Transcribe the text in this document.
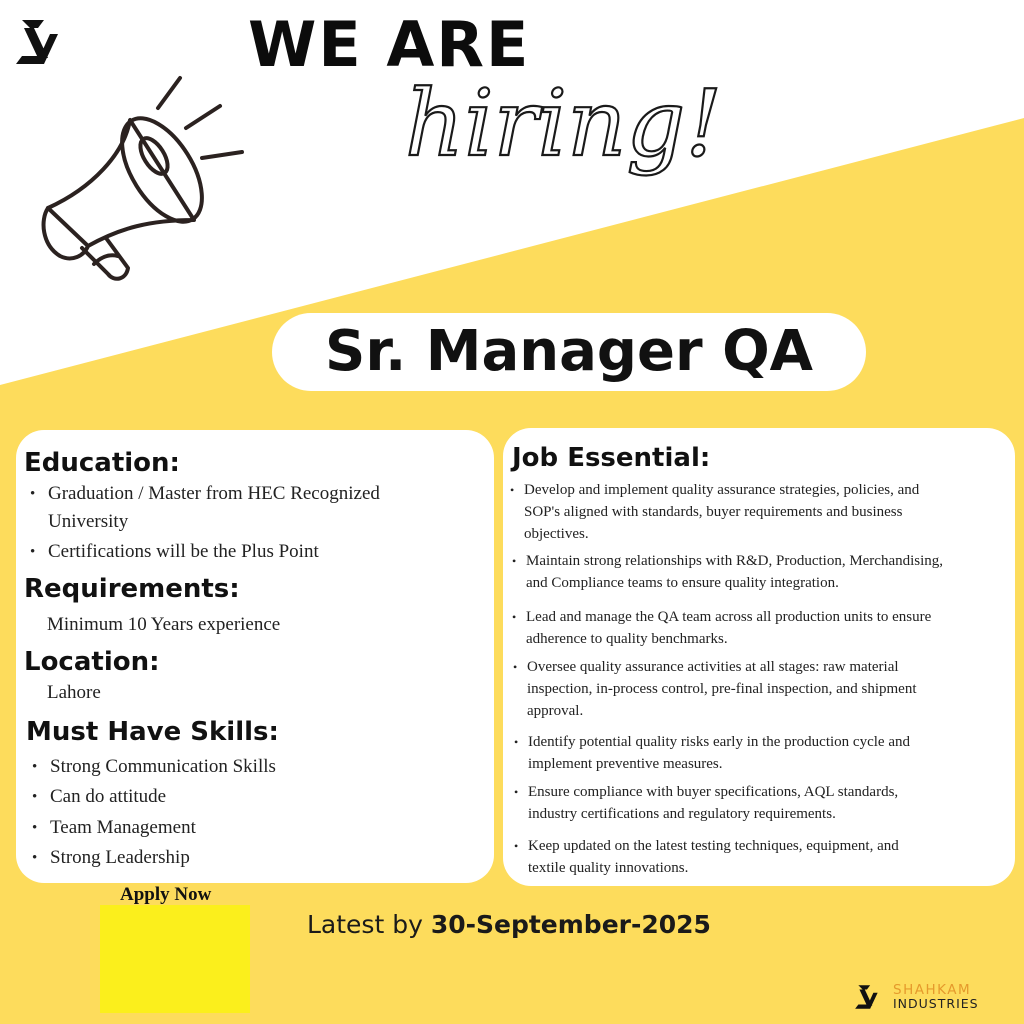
WE ARE
hiring!
Sr. Manager QA
Education:
• Graduation / Master from HEC Recognized
University
• Certifications will be the Plus Point
Requirements:
Minimum 10 Years experience
Location:
Lahore
Must Have Skills:
• Strong Communication Skills
• Can do attitude
• Team Management
• Strong Leadership
Job Essential:
• Develop and implement quality assurance strategies, policies, and
SOP's aligned with standards, buyer requirements and business
objectives.
• Maintain strong relationships with R&D, Production, Merchandising,
and Compliance teams to ensure quality integration.
• Lead and manage the QA team across all production units to ensure
adherence to quality benchmarks.
• Oversee quality assurance activities at all stages: raw material
inspection, in-process control, pre-final inspection, and shipment
approval.
• Identify potential quality risks early in the production cycle and
implement preventive measures.
• Ensure compliance with buyer specifications, AQL standards,
industry certifications and regulatory requirements.
• Keep updated on the latest testing techniques, equipment, and
textile quality innovations.
Apply Now
Latest by 30-September-2025
SHAHKAM
INDUSTRIES
